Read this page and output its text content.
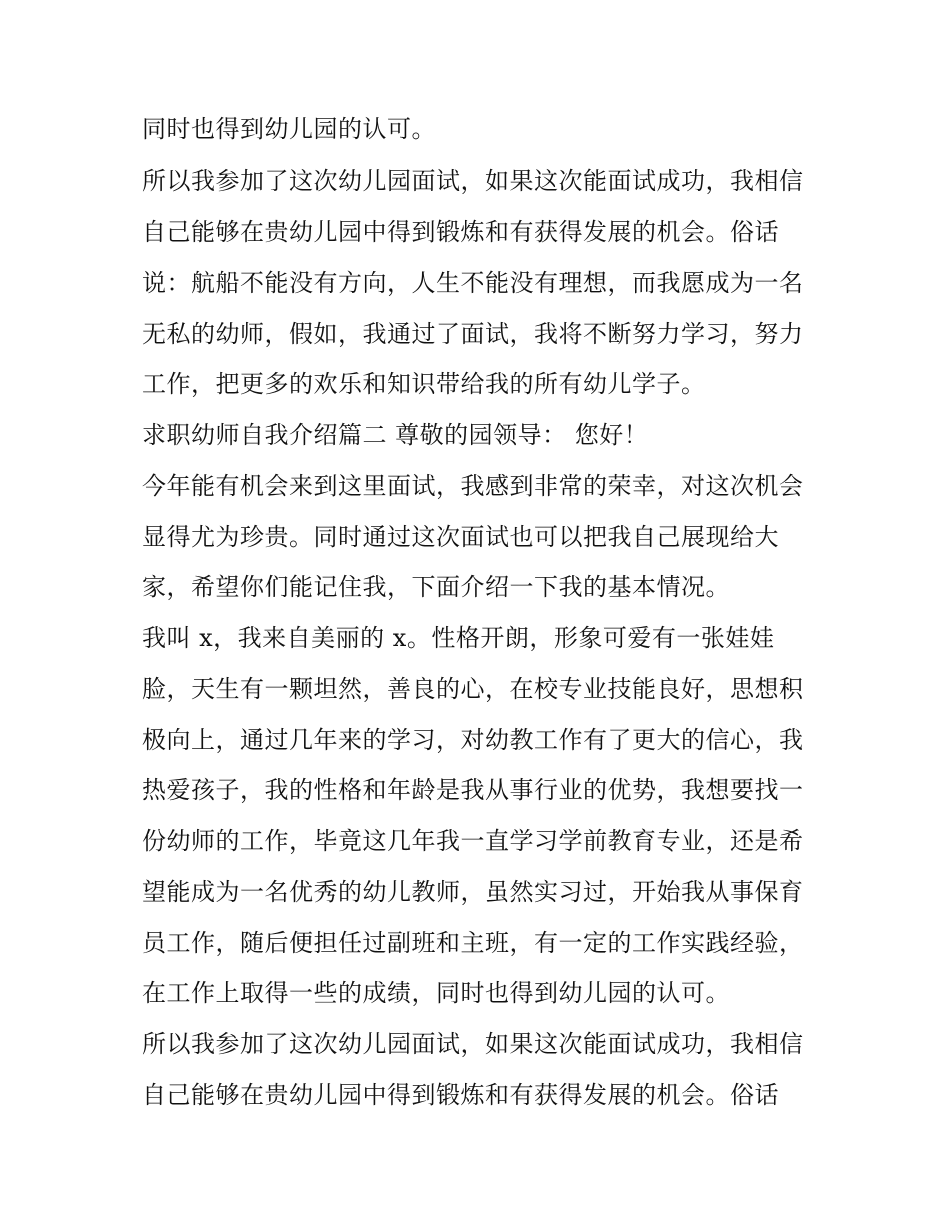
同时也得到幼儿园的认可。
所以我参加了这次幼儿园面试，如果这次能面试成功，我相信
自己能够在贵幼儿园中得到锻炼和有获得发展的机会。俗话
说：航船不能没有方向，人生不能没有理想，而我愿成为一名
无私的幼师，假如，我通过了面试，我将不断努力学习，努力
工作，把更多的欢乐和知识带给我的所有幼儿学子。
求职幼师自我介绍篇二 尊敬的园领导： 您好！
今年能有机会来到这里面试，我感到非常的荣幸，对这次机会
显得尤为珍贵。同时通过这次面试也可以把我自己展现给大
家，希望你们能记住我，下面介绍一下我的基本情况。
我叫 x，我来自美丽的 x。性格开朗，形象可爱有一张娃娃
脸，天生有一颗坦然，善良的心，在校专业技能良好，思想积
极向上，通过几年来的学习，对幼教工作有了更大的信心，我
热爱孩子，我的性格和年龄是我从事行业的优势，我想要找一
份幼师的工作，毕竟这几年我一直学习学前教育专业，还是希
望能成为一名优秀的幼儿教师，虽然实习过，开始我从事保育
员工作，随后便担任过副班和主班，有一定的工作实践经验，
在工作上取得一些的成绩，同时也得到幼儿园的认可。
所以我参加了这次幼儿园面试，如果这次能面试成功，我相信
自己能够在贵幼儿园中得到锻炼和有获得发展的机会。俗话
